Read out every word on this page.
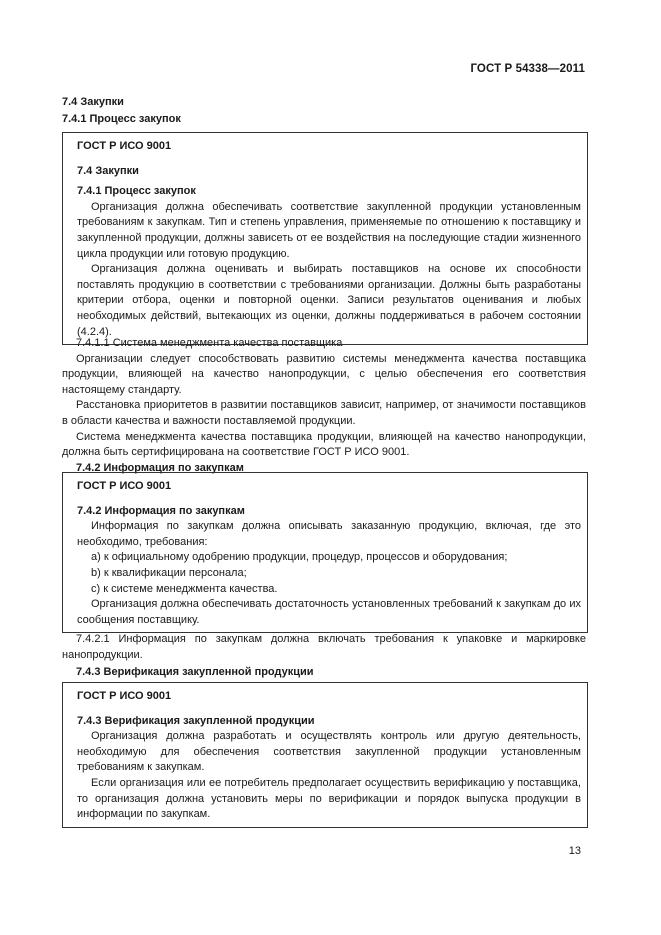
ГОСТ Р 54338—2011
7.4 Закупки
7.4.1 Процесс закупок
ГОСТ Р ИСО 9001
7.4 Закупки
7.4.1 Процесс закупок

Организация должна обеспечивать соответствие закупленной продукции установленным требованиям к закупкам. Тип и степень управления, применяемые по отношению к поставщику и закупленной продукции, должны зависеть от ее воздействия на последующие стадии жизненного цикла продукции или готовую продукцию.

Организация должна оценивать и выбирать поставщиков на основе их способности поставлять продукцию в соответствии с требованиями организации. Должны быть разработаны критерии отбора, оценки и повторной оценки. Записи результатов оценивания и любых необходимых действий, вытекающих из оценки, должны поддерживаться в рабочем состоянии (4.2.4).

7.4.1.1 Система менеджмента качества поставщика

Организации следует способствовать развитию системы менеджмента качества поставщика продукции, влияющей на качество нанопродукции, с целью обеспечения его соответствия настоящему стандарту.

Расстановка приоритетов в развитии поставщиков зависит, например, от значимости поставщиков в области качества и важности поставляемой продукции.

Система менеджмента качества поставщика продукции, влияющей на качество нанопродукции, должна быть сертифицирована на соответствие ГОСТ Р ИСО 9001.

7.4.2 Информация по закупкам
ГОСТ Р ИСО 9001
7.4.2 Информация по закупкам

Информация по закупкам должна описывать заказанную продукцию, включая, где это необходимо, требования:

a) к официальному одобрению продукции, процедур, процессов и оборудования;
b) к квалификации персонала;
c) к системе менеджмента качества.

Организация должна обеспечивать достаточность установленных требований к закупкам до их сообщения поставщику.

7.4.2.1 Информация по закупкам должна включать требования к упаковке и маркировке нанопродукции.

7.4.3 Верификация закупленной продукции
ГОСТ Р ИСО 9001
7.4.3 Верификация закупленной продукции

Организация должна разработать и осуществлять контроль или другую деятельность, необходимую для обеспечения соответствия закупленной продукции установленным требованиям к закупкам.

Если организация или ее потребитель предполагает осуществить верификацию у поставщика, то организация должна установить меры по верификации и порядок выпуска продукции в информации по закупкам.

13
